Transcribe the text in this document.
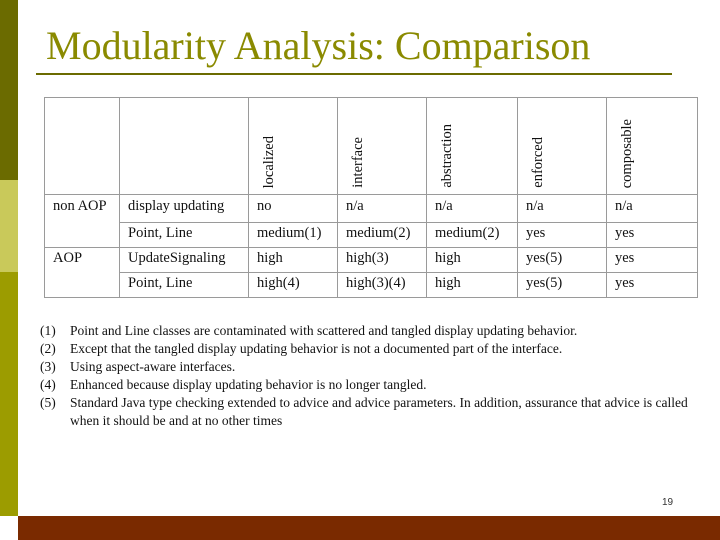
Modularity Analysis: Comparison

		localized	interface	abstraction	enforced	composable

non AOP	display updating	no	n/a	n/a	n/a	n/a
	Point, Line	medium(1)	medium(2)	medium(2)	yes	yes
AOP	UpdateSignaling	high	high(3)	high	yes(5)	yes
	Point, Line	high(4)	high(3)(4)	high	yes(5)	yes
(1) Point and Line classes are contaminated with scattered and tangled display updating behavior.
(2) Except that the tangled display updating behavior is not a documented part of the interface.
(3) Using aspect-aware interfaces.
(4) Enhanced because display updating behavior is no longer tangled.
(5) Standard Java type checking extended to advice and advice parameters. In addition, assurance that advice is called when it should be and at no other times
19
